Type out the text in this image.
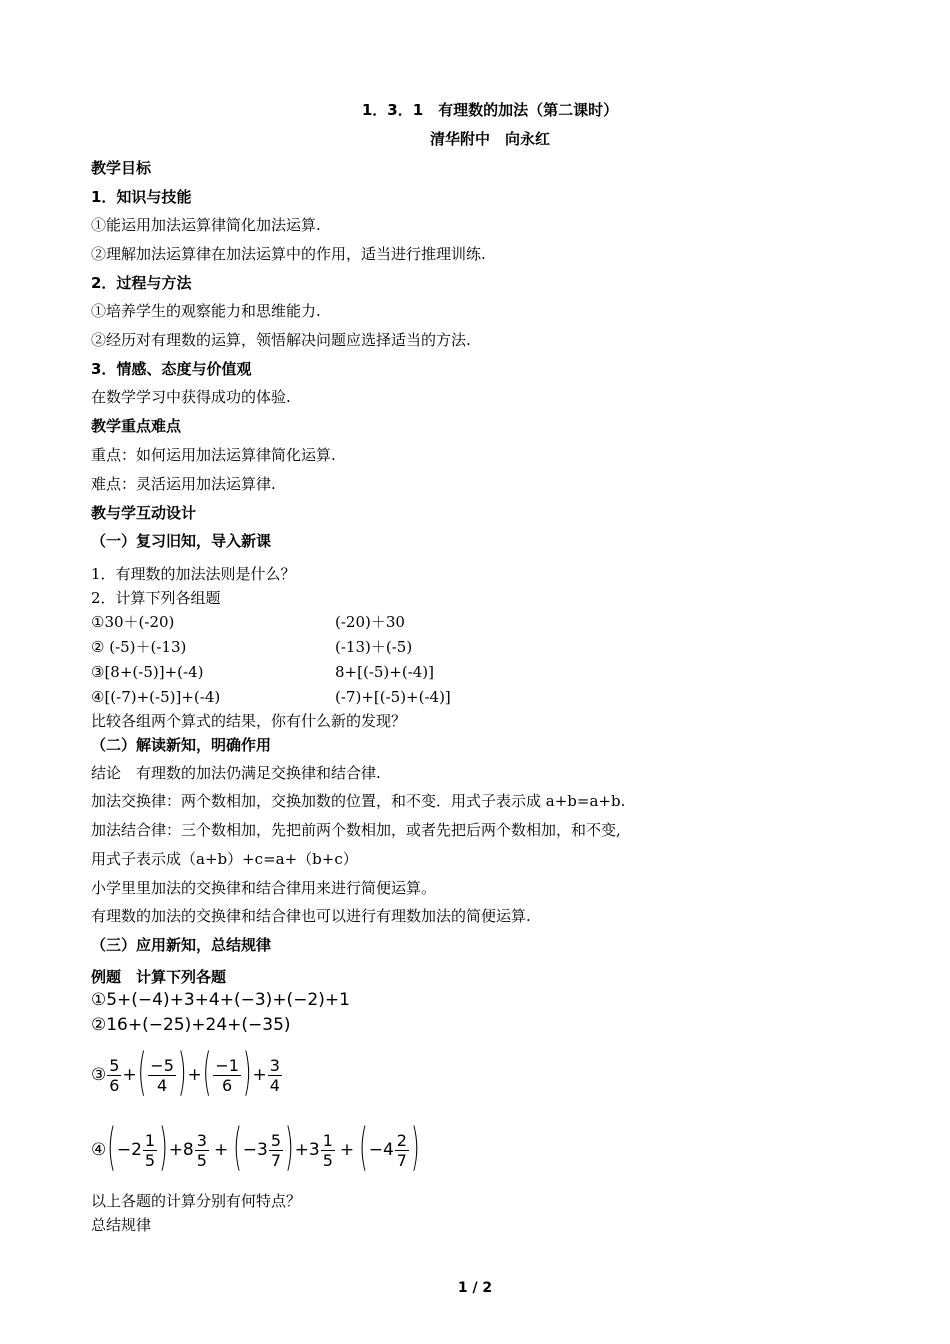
1．3．1　有理数的加法（第二课时）
清华附中　向永红
教学目标
1．知识与技能
①能运用加法运算律简化加法运算.
②理解加法运算律在加法运算中的作用，适当进行推理训练.
2．过程与方法
①培养学生的观察能力和思维能力.
②经历对有理数的运算，领悟解决问题应选择适当的方法.
3．情感、态度与价值观
在数学学习中获得成功的体验.
教学重点难点
重点：如何运用加法运算律简化运算.
难点：灵活运用加法运算律.
教与学互动设计
（一）复习旧知，导入新课
1．有理数的加法法则是什么？
2．计算下列各组题
①30＋(-20)	(-20)＋30
② (-5)＋(-13)	(-13)＋(-5)
③[8+(-5)]+(-4)	8+[(-5)+(-4)]
④[(-7)+(-5)]+(-4)	(-7)+[(-5)+(-4)]
比较各组两个算式的结果，你有什么新的发现？
（二）解读新知，明确作用
结论　有理数的加法仍满足交换律和结合律.
加法交换律：两个数相加，交换加数的位置，和不变．用式子表示成 a+b=a+b.
加法结合律：三个数相加，先把前两个数相加，或者先把后两个数相加，和不变,
用式子表示成（a+b）+c=a+（b+c）
小学里里加法的交换律和结合律用来进行简便运算。
有理数的加法的交换律和结合律也可以进行有理数加法的简便运算.
（三）应用新知，总结规律
例题　计算下列各题
①5+(−4)+3+4+(−3)+(−2)+1
②16+(−25)+24+(−35)
③ $\frac{5}{6}$ + ( $\frac{-5}{4}$ ) + ( $\frac{-1}{6}$ ) + $\frac{3}{4}$
④ ( $-2 \frac{1}{5}$ ) $+8 \frac{3}{5}$ + ( $-3 \frac{5}{7}$ ) $+3 \frac{1}{5}$ + ( $-4 \frac{2}{7}$ )
以上各题的计算分别有何特点？
总结规律
1 / 2
